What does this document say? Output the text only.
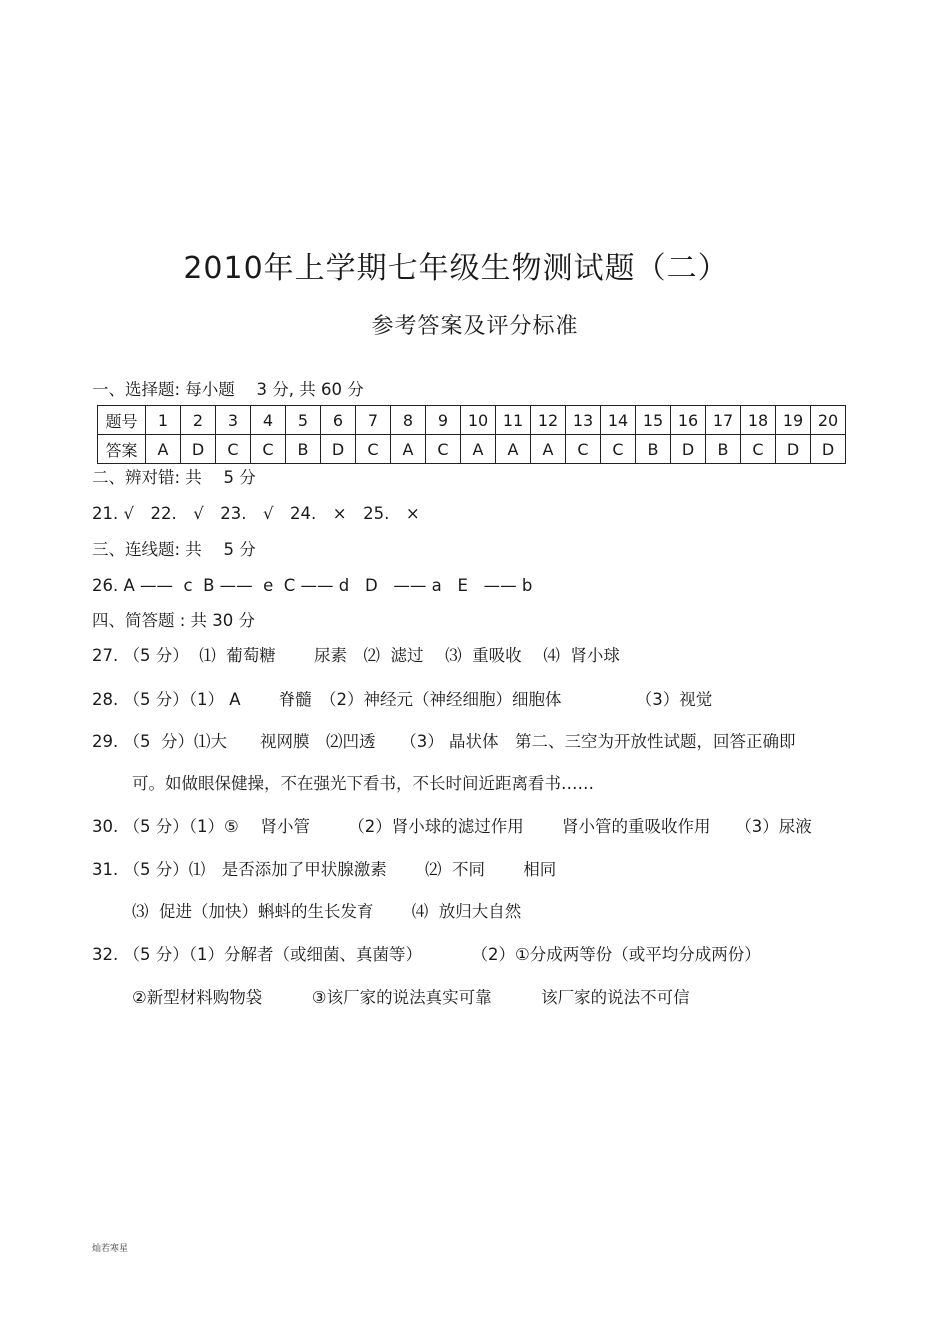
2010年上学期七年级生物测试题（二）
参考答案及评分标准
一、选择题: 每小题　 3 分, 共 60 分
题号	1	2	3	4	5	6	7	8	9	10	11	12	13	14	15	16	17	18	19	20
答案	A	D	C	C	B	D	C	A	C	A	A	A	C	C	B	D	B	C	D	D
二、辨对错: 共　 5 分
21. √　22.　√　23.　√　24.　×　25.　×
三、连线题: 共　 5 分
26. A ——  c  B ——  e  C —— d   D   —— a   E   —— b
四、简答题 : 共 30 分
27. （5 分）  ⑴  葡萄糖　　 尿素　⑵  滤过　 ⑶  重吸收　 ⑷  肾小球
28. （5 分）（1） A　　 脊髓　（2）神经元（神经细胞）细胞体　　　　　（3）视觉
29. （5  分）⑴大　　视网膜　⑵凹透　　（3） 晶状体　第二、三空为开放性试题，回答正确即
可。如做眼保健操，不在强光下看书，不长时间近距离看书……
30. （5 分）（1）⑤　 肾小管　　 （2）肾小球的滤过作用　　 肾小管的重吸收作用　　（3）尿液
31. （5 分）⑴　是否添加了甲状腺激素　　 ⑵  不同　　 相同
⑶  促进（加快）蝌蚪的生长发育　　 ⑷  放归大自然
32. （5 分）（1）分解者（或细菌、真菌等）　　　　（2）①分成两等份（或平均分成两份）
②新型材料购物袋　　　③该厂家的说法真实可靠　　　该厂家的说法不可信
灿若寒星
